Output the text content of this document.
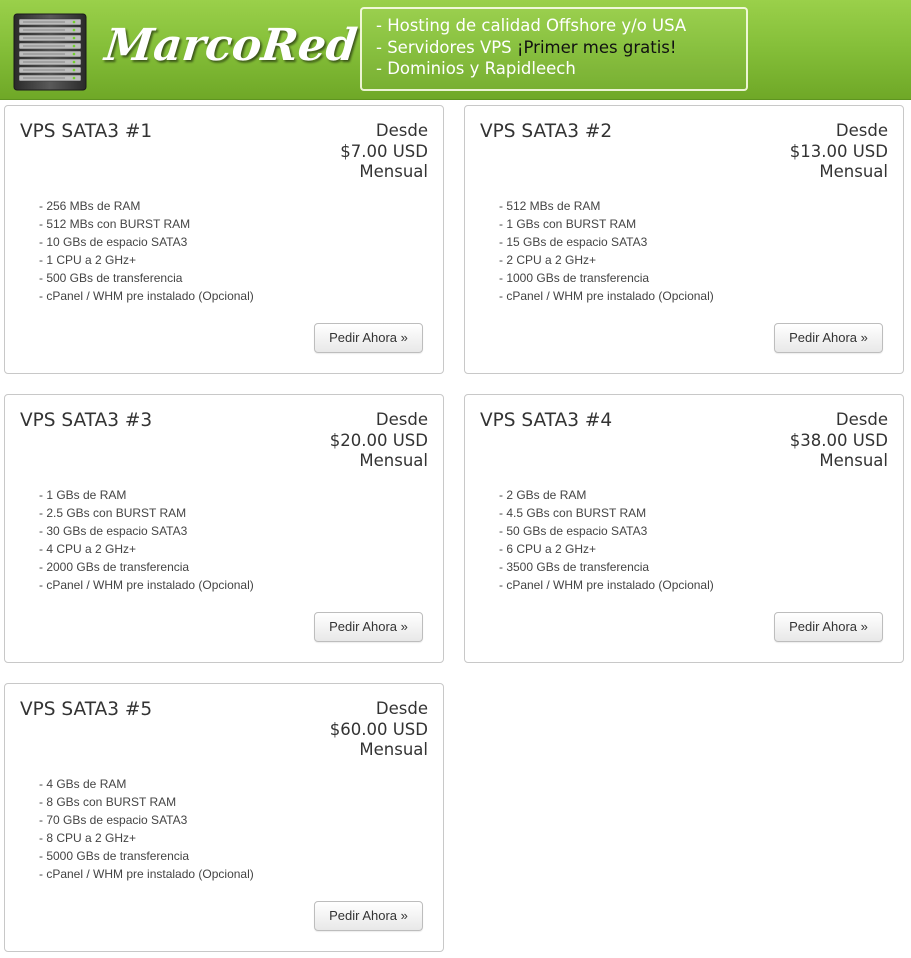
MarcoRed - Hosting de calidad Offshore y/o USA
- Servidores VPS ¡Primer mes gratis!
- Dominios y Rapidleech
VPS SATA3 #1	Desde
$7.00 USD
Mensual
- 256 MBs de RAM
- 512 MBs con BURST RAM
- 10 GBs de espacio SATA3
- 1 CPU a 2 GHz+
- 500 GBs de transferencia
- cPanel / WHM pre instalado (Opcional)
Pedir Ahora »
VPS SATA3 #2	Desde
$13.00 USD
Mensual
- 512 MBs de RAM
- 1 GBs con BURST RAM
- 15 GBs de espacio SATA3
- 2 CPU a 2 GHz+
- 1000 GBs de transferencia
- cPanel / WHM pre instalado (Opcional)
Pedir Ahora »
VPS SATA3 #3	Desde
$20.00 USD
Mensual
- 1 GBs de RAM
- 2.5 GBs con BURST RAM
- 30 GBs de espacio SATA3
- 4 CPU a 2 GHz+
- 2000 GBs de transferencia
- cPanel / WHM pre instalado (Opcional)
Pedir Ahora »
VPS SATA3 #4	Desde
$38.00 USD
Mensual
- 2 GBs de RAM
- 4.5 GBs con BURST RAM
- 50 GBs de espacio SATA3
- 6 CPU a 2 GHz+
- 3500 GBs de transferencia
- cPanel / WHM pre instalado (Opcional)
Pedir Ahora »
VPS SATA3 #5	Desde
$60.00 USD
Mensual
- 4 GBs de RAM
- 8 GBs con BURST RAM
- 70 GBs de espacio SATA3
- 8 CPU a 2 GHz+
- 5000 GBs de transferencia
- cPanel / WHM pre instalado (Opcional)
Pedir Ahora »
